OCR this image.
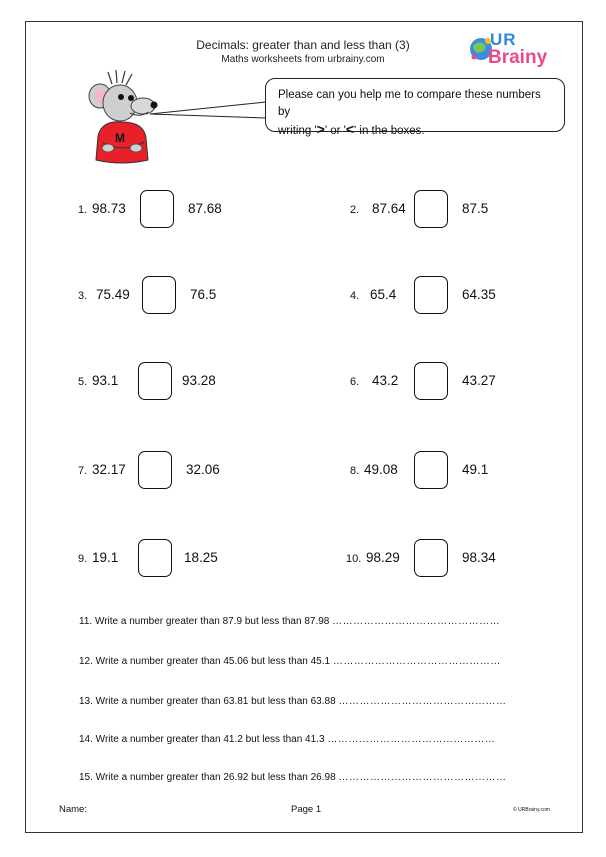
Decimals: greater than and less than (3)
Maths worksheets from urbrainy.com
UR
Brainy
M
Please can you help me to compare these numbers by
writing '>' or '<' in the boxes.
1. 98.73	87.68	2. 87.64	87.5
3. 75.49	76.5	4. 65.4	64.35
5. 93.1	93.28	6. 43.2	43.27
7. 32.17	32.06	8. 49.08	49.1
9. 19.1	18.25	10. 98.29	98.34
11. Write a number greater than 87.9 but less than 87.98 …………………………………………
12. Write a number greater than 45.06 but less than 45.1 …………………………………………
13. Write a number greater than 63.81 but less than 63.88 …………………………………………
14. Write a number greater than 41.2 but less than 41.3 …………………………………………
15. Write a number greater than 26.92 but less than 26.98 …………………………………………
Name:	Page 1	© URBrainy.com
